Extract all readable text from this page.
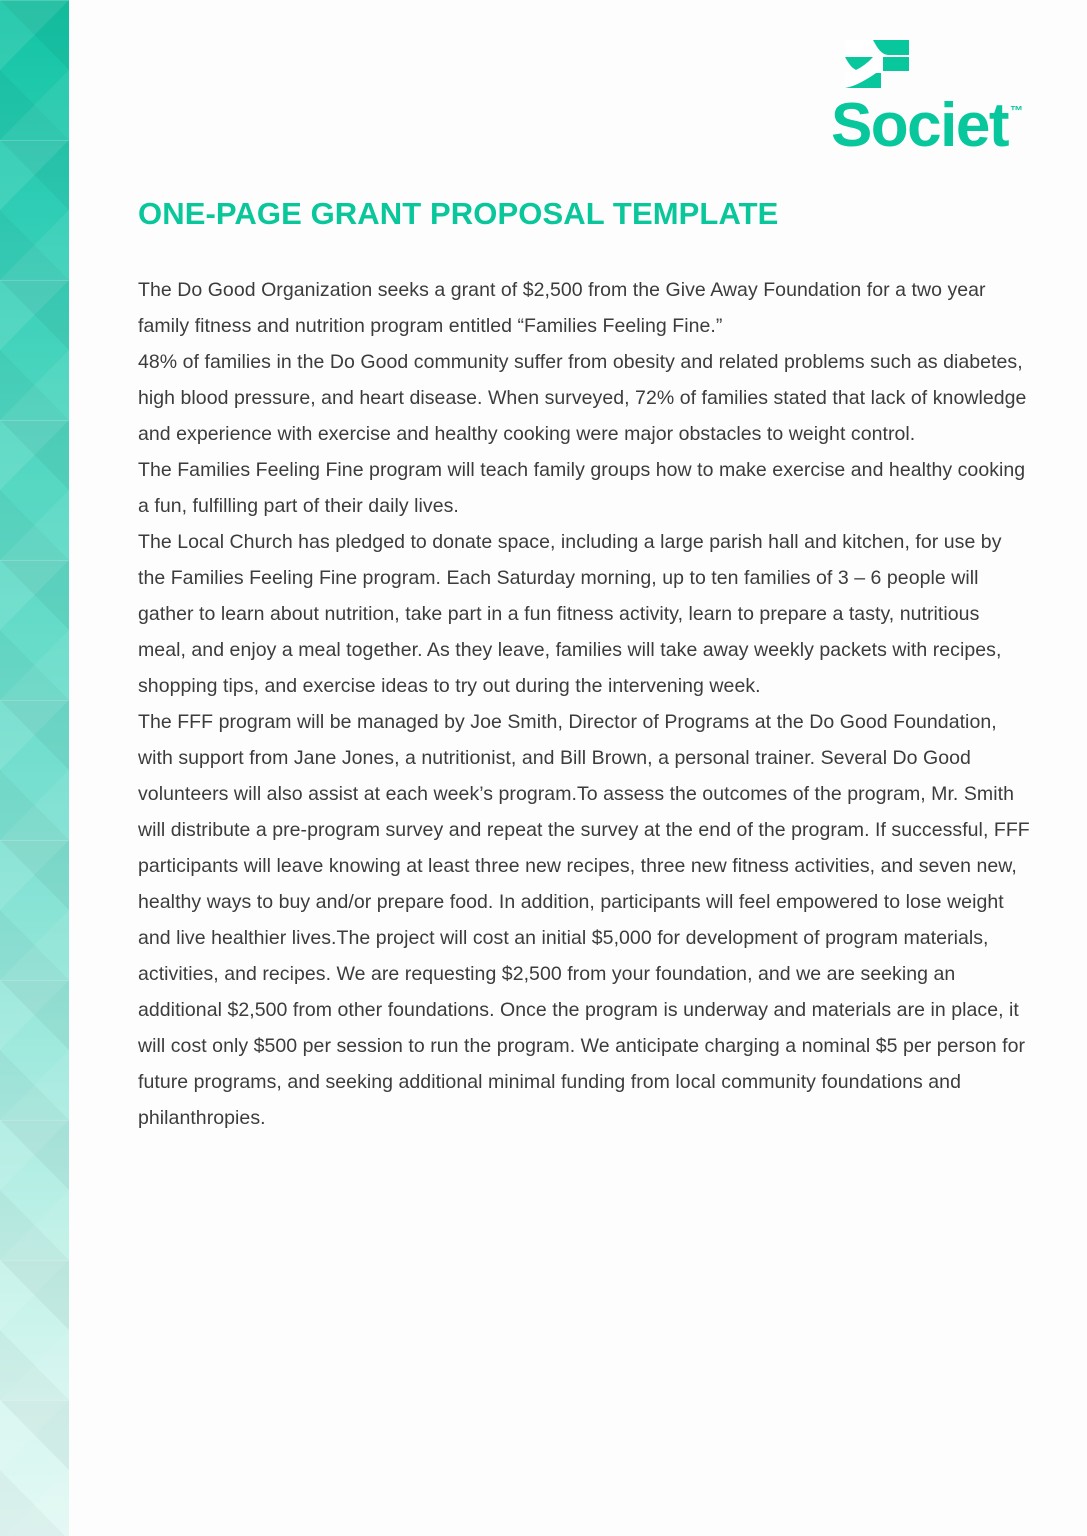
Societ ™
ONE-PAGE GRANT PROPOSAL TEMPLATE

The Do Good Organization seeks a grant of $2,500 from the Give Away Foundation for a two year family fitness and nutrition program entitled “Families Feeling Fine.”

48% of families in the Do Good community suffer from obesity and related problems such as diabetes, high blood pressure, and heart disease. When surveyed, 72% of families stated that lack of knowledge and experience with exercise and healthy cooking were major obstacles to weight control.

The Families Feeling Fine program will teach family groups how to make exercise and healthy cooking a fun, fulfilling part of their daily lives.

The Local Church has pledged to donate space, including a large parish hall and kitchen, for use by the Families Feeling Fine program. Each Saturday morning, up to ten families of 3 – 6 people will gather to learn about nutrition, take part in a fun fitness activity, learn to prepare a tasty, nutritious meal, and enjoy a meal together. As they leave, families will take away weekly packets with recipes, shopping tips, and exercise ideas to try out during the intervening week.

The FFF program will be managed by Joe Smith, Director of Programs at the Do Good Foundation, with support from Jane Jones, a nutritionist, and Bill Brown, a personal trainer. Several Do Good volunteers will also assist at each week’s program.To assess the outcomes of the program, Mr. Smith will distribute a pre-program survey and repeat the survey at the end of the program. If successful, FFF participants will leave knowing at least three new recipes, three new fitness activities, and seven new, healthy ways to buy and/or prepare food. In addition, participants will feel empowered to lose weight and live healthier lives.The project will cost an initial $5,000 for development of program materials, activities, and recipes. We are requesting $2,500 from your foundation, and we are seeking an additional $2,500 from other foundations. Once the program is underway and materials are in place, it will cost only $500 per session to run the program. We anticipate charging a nominal $5 per person for future programs, and seeking additional minimal funding from local community foundations and philanthropies.
